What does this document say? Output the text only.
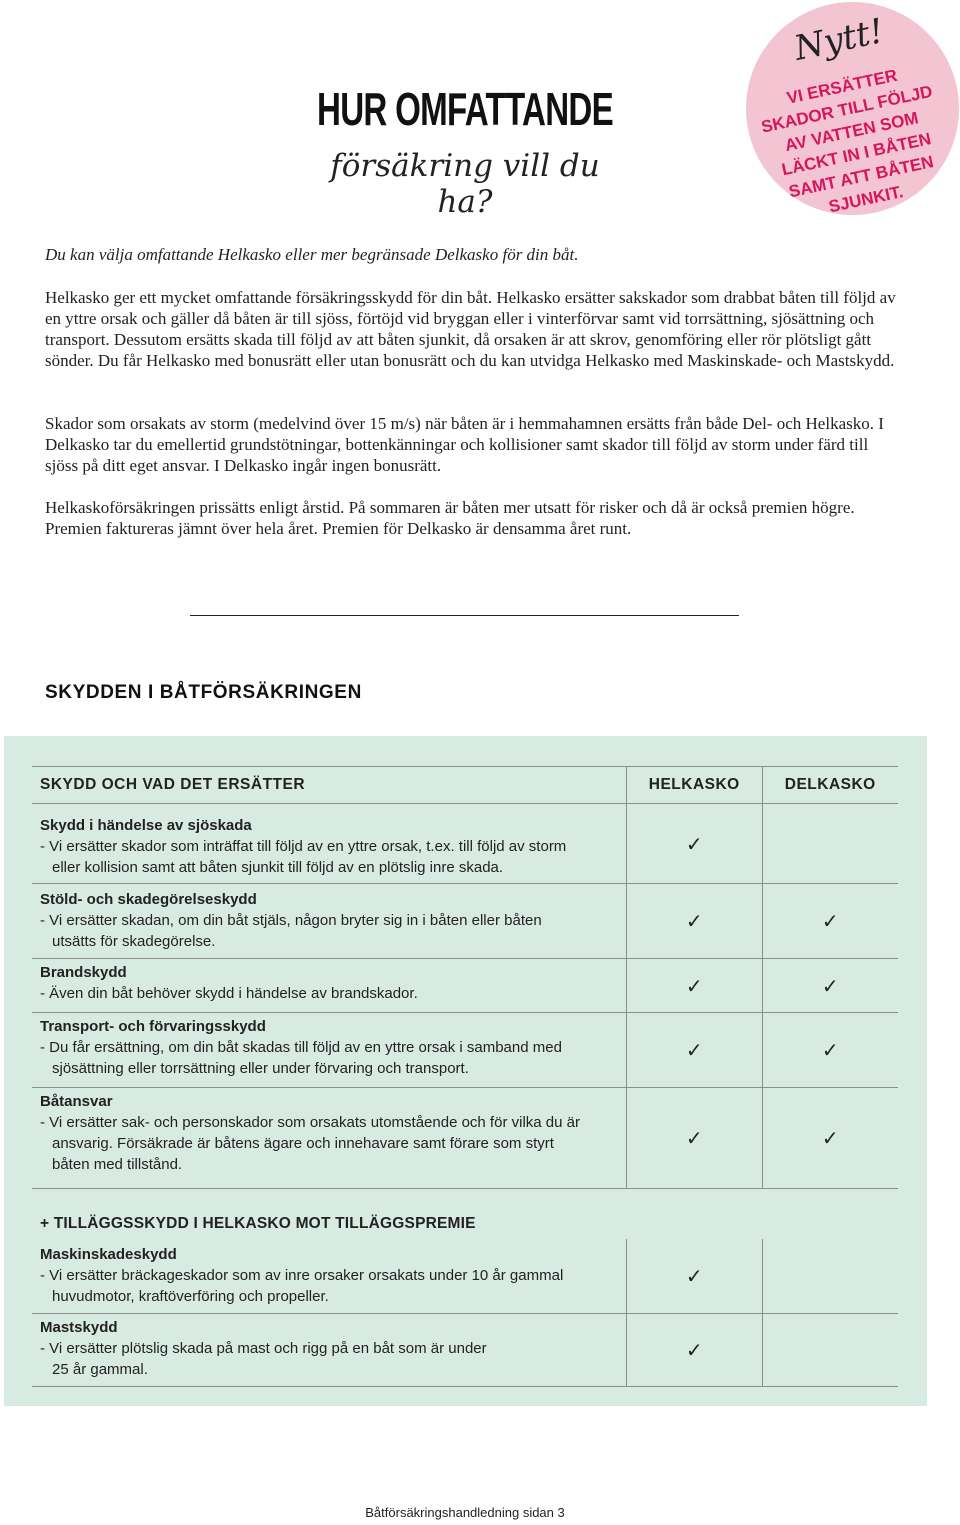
HUR OMFATTANDE
försäkring vill du ha?
Nytt!
VI ERSÄTTER SKADOR TILL FÖLJD AV VATTEN SOM LÄCKT IN I BÅTEN SAMT ATT BÅTEN SJUNKIT.
Du kan välja omfattande Helkasko eller mer begränsade Delkasko för din båt.
Helkasko ger ett mycket omfattande försäkringsskydd för din båt. Helkasko ersätter sakskador som drabbat båten till följd av en yttre orsak och gäller då båten är till sjöss, förtöjd vid bryggan eller i vinterförvar samt vid torrsättning, sjösättning och transport. Dessutom ersätts skada till följd av att båten sjunkit, då orsaken är att skrov, genomföring eller rör plötsligt gått sönder. Du får Helkasko med bonusrätt eller utan bonusrätt och du kan utvidga Helkasko med Maskinskade- och Mastskydd.
Skador som orsakats av storm (medelvind över 15 m/s) när båten är i hemmahamnen ersätts från både Del- och Helkasko. I Delkasko tar du emellertid grundstötningar, bottenkänningar och kollisioner samt skador till följd av storm under färd till sjöss på ditt eget ansvar. I Delkasko ingår ingen bonusrätt.
Helkaskoförsäkringen prissätts enligt årstid. På sommaren är båten mer utsatt för risker och då är också premien högre. Premien faktureras jämnt över hela året. Premien för Delkasko är densamma året runt.
SKYDDEN I BÅTFÖRSÄKRINGEN
SKYDD OCH VAD DET ERSÄTTER	HELKASKO	DELKASKO

Skydd i händelse av sjöskada
- Vi ersätter skador som inträffat till följd av en yttre orsak, t.ex. till följd av storm
eller kollision samt att båten sjunkit till följd av en plötslig inre skada.	✓	

Stöld- och skadegörelseskydd
- Vi ersätter skadan, om din båt stjäls, någon bryter sig in i båten eller båten
utsätts för skadegörelse.	✓	✓

Brandskydd
- Även din båt behöver skydd i händelse av brandskador.	✓	✓

Transport- och förvaringsskydd
- Du får ersättning, om din båt skadas till följd av en yttre orsak i samband med
sjösättning eller torrsättning eller under förvaring och transport.	✓	✓

Båtansvar
- Vi ersätter sak- och personskador som orsakats utomstående och för vilka du är
ansvarig. Försäkrade är båtens ägare och innehavare samt förare som styrt
båten med tillstånd.	✓	✓
+ TILLÄGGSSKYDD I HELKASKO MOT TILLÄGGSPREMIE		

Maskinskadeskydd
- Vi ersätter bräckageskador som av inre orsaker orsakats under 10 år gammal
huvudmotor, kraftöverföring och propeller.	✓	

Mastskydd
- Vi ersätter plötslig skada på mast och rigg på en båt som är under
25 år gammal.	✓	
Båtförsäkringshandledning sidan 3
